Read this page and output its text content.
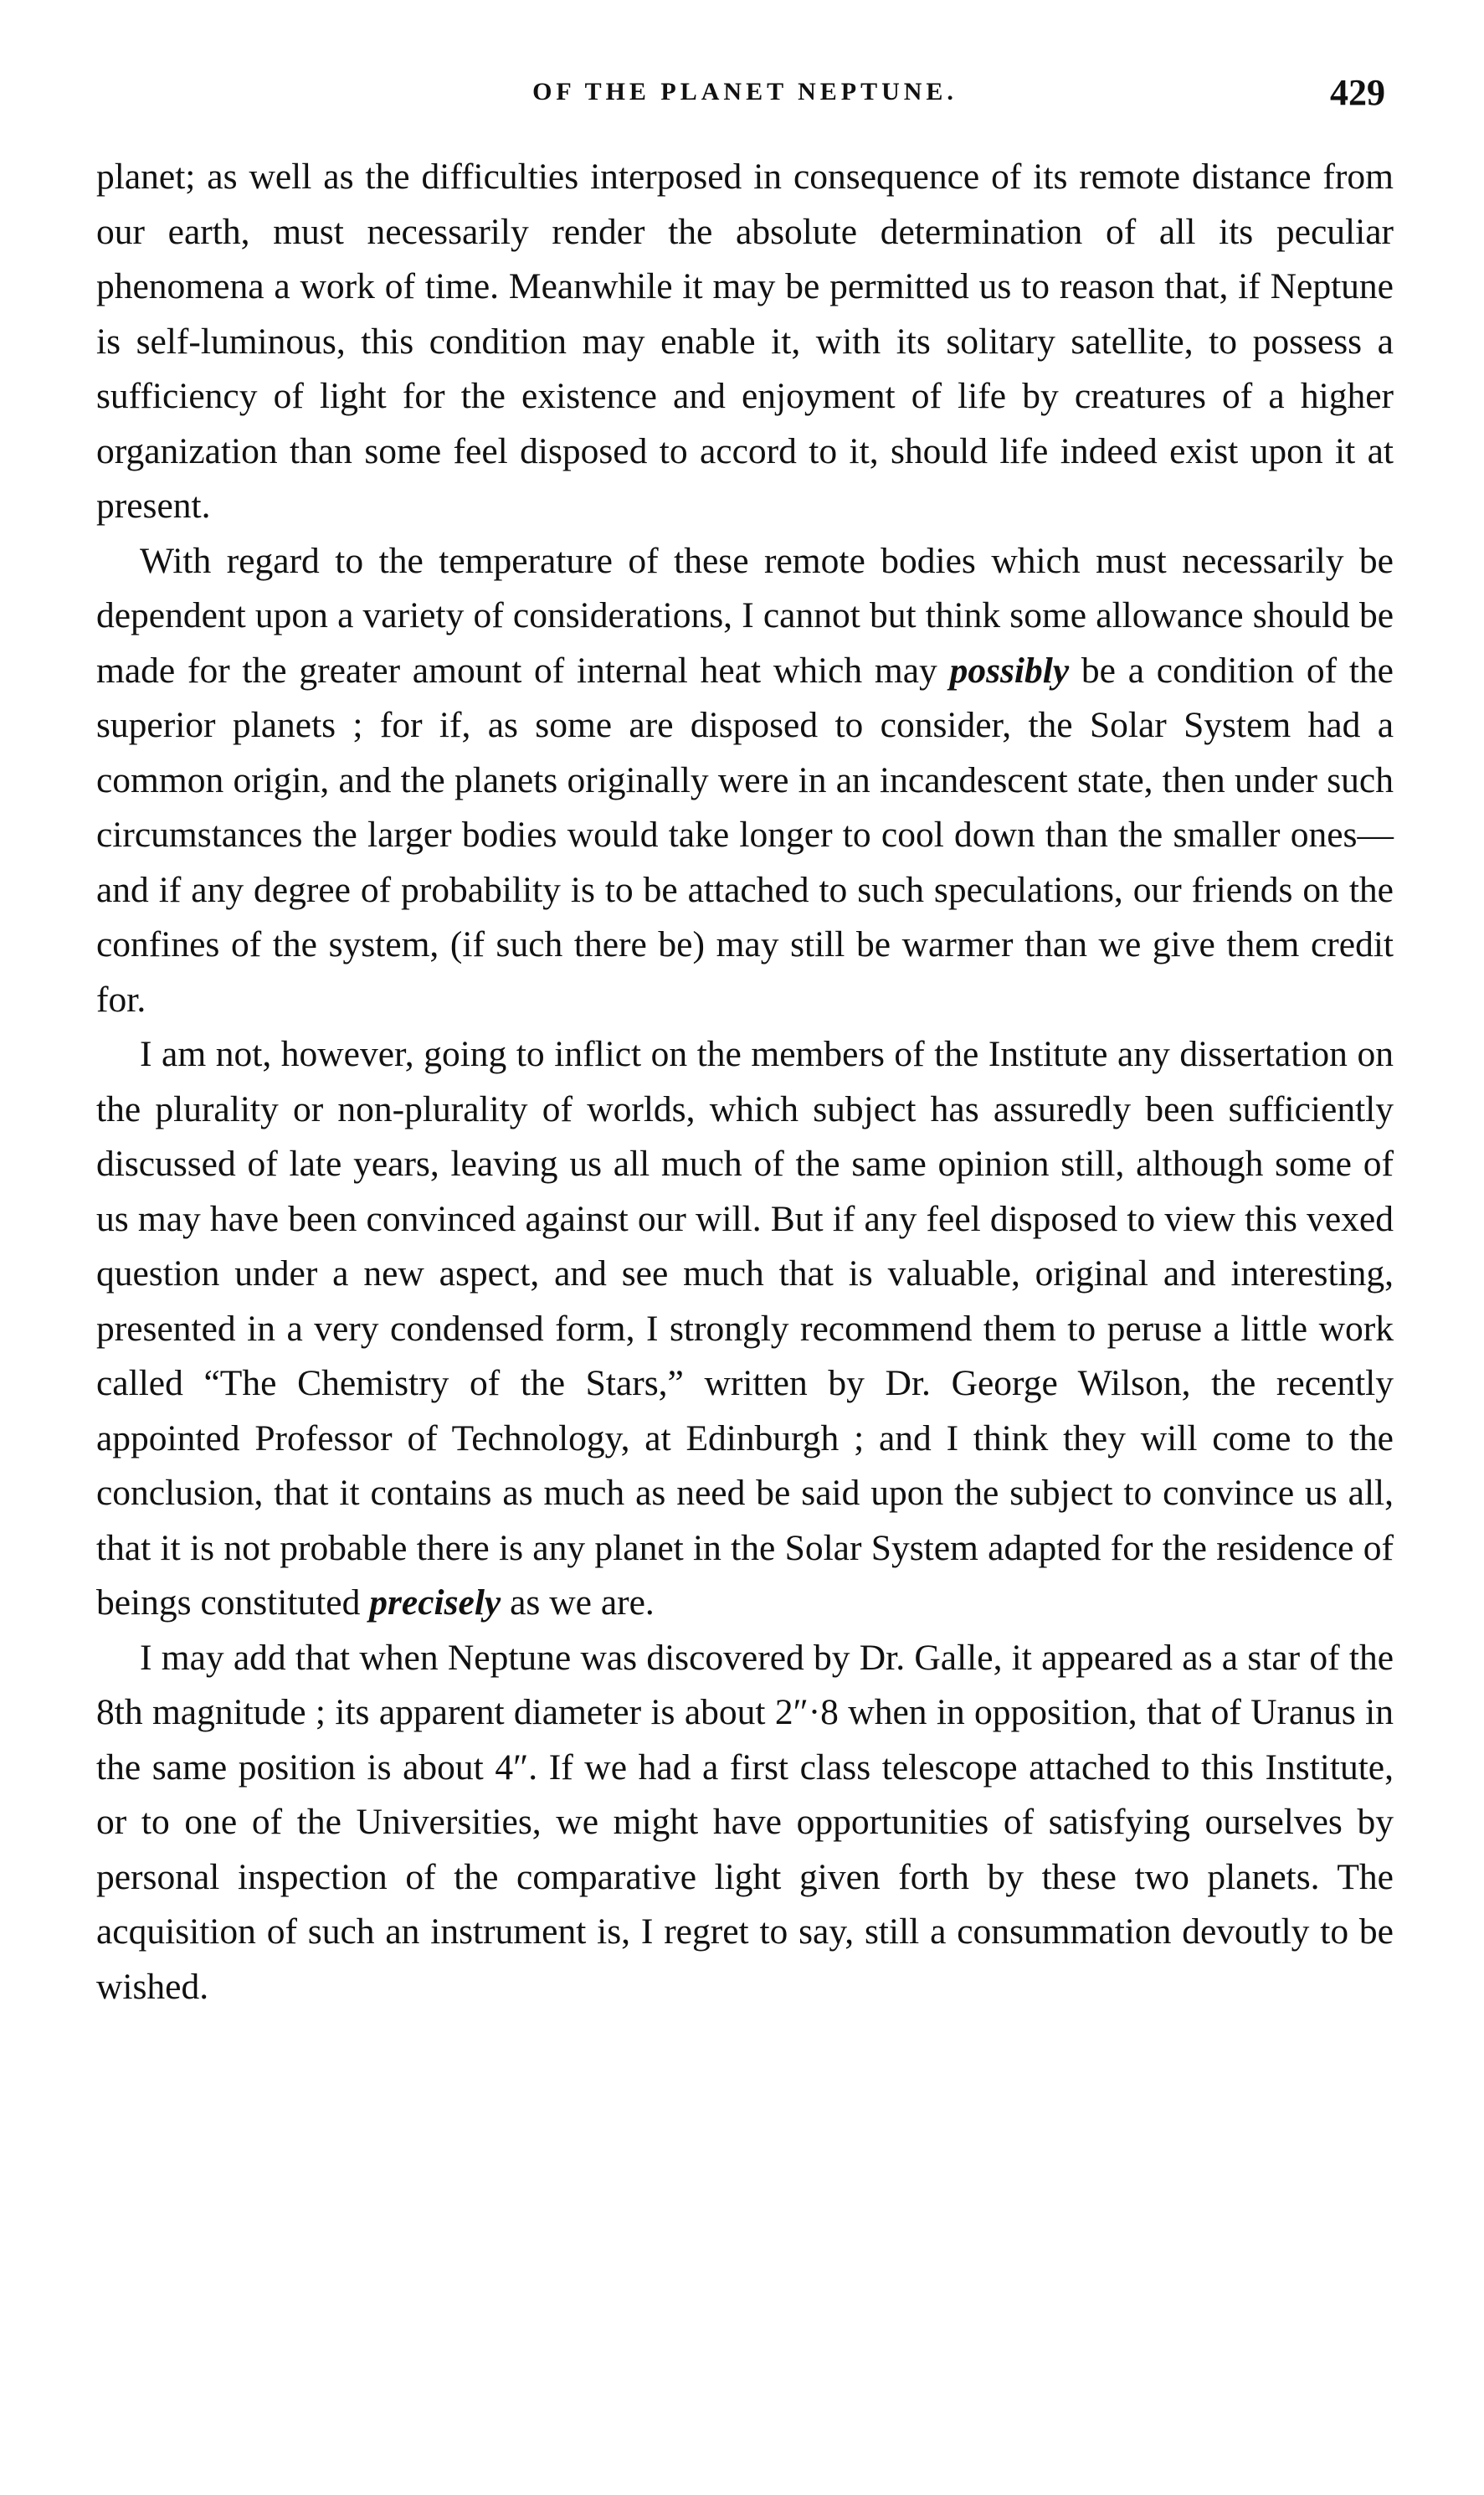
OF THE PLANET NEPTUNE.	429

planet; as well as the difficulties interposed in consequence of its remote distance from our earth, must necessarily render the absolute determination of all its peculiar phenomena a work of time. Meanwhile it may be permitted us to reason that, if Neptune is self-luminous, this condition may enable it, with its solitary satellite, to possess a sufficiency of light for the existence and enjoyment of life by creatures of a higher organization than some feel disposed to accord to it, should life indeed exist upon it at present.

With regard to the temperature of these remote bodies which must necessarily be dependent upon a variety of considerations, I cannot but think some allowance should be made for the greater amount of internal heat which may possibly be a condition of the superior planets ; for if, as some are disposed to consider, the Solar System had a common origin, and the planets originally were in an incandescent state, then under such circumstances the larger bodies would take longer to cool down than the smaller ones—and if any degree of probability is to be attached to such speculations, our friends on the confines of the system, (if such there be) may still be warmer than we give them credit for.

I am not, however, going to inflict on the members of the Institute any dissertation on the plurality or non-plurality of worlds, which subject has assuredly been sufficiently discussed of late years, leaving us all much of the same opinion still, although some of us may have been convinced against our will. But if any feel disposed to view this vexed question under a new aspect, and see much that is valuable, original and interesting, presented in a very condensed form, I strongly recommend them to peruse a little work called “The Chemistry of the Stars,” written by Dr. George Wilson, the recently appointed Professor of Technology, at Edinburgh ; and I think they will come to the conclusion, that it contains as much as need be said upon the subject to convince us all, that it is not probable there is any planet in the Solar System adapted for the residence of beings constituted precisely as we are.

I may add that when Neptune was discovered by Dr. Galle, it appeared as a star of the 8th magnitude ; its apparent diameter is about 2″·8 when in opposition, that of Uranus in the same position is about 4″. If we had a first class telescope attached to this Institute, or to one of the Universities, we might have opportunities of satisfying ourselves by personal inspection of the comparative light given forth by these two planets. The acquisition of such an instrument is, I regret to say, still a consummation devoutly to be wished.
